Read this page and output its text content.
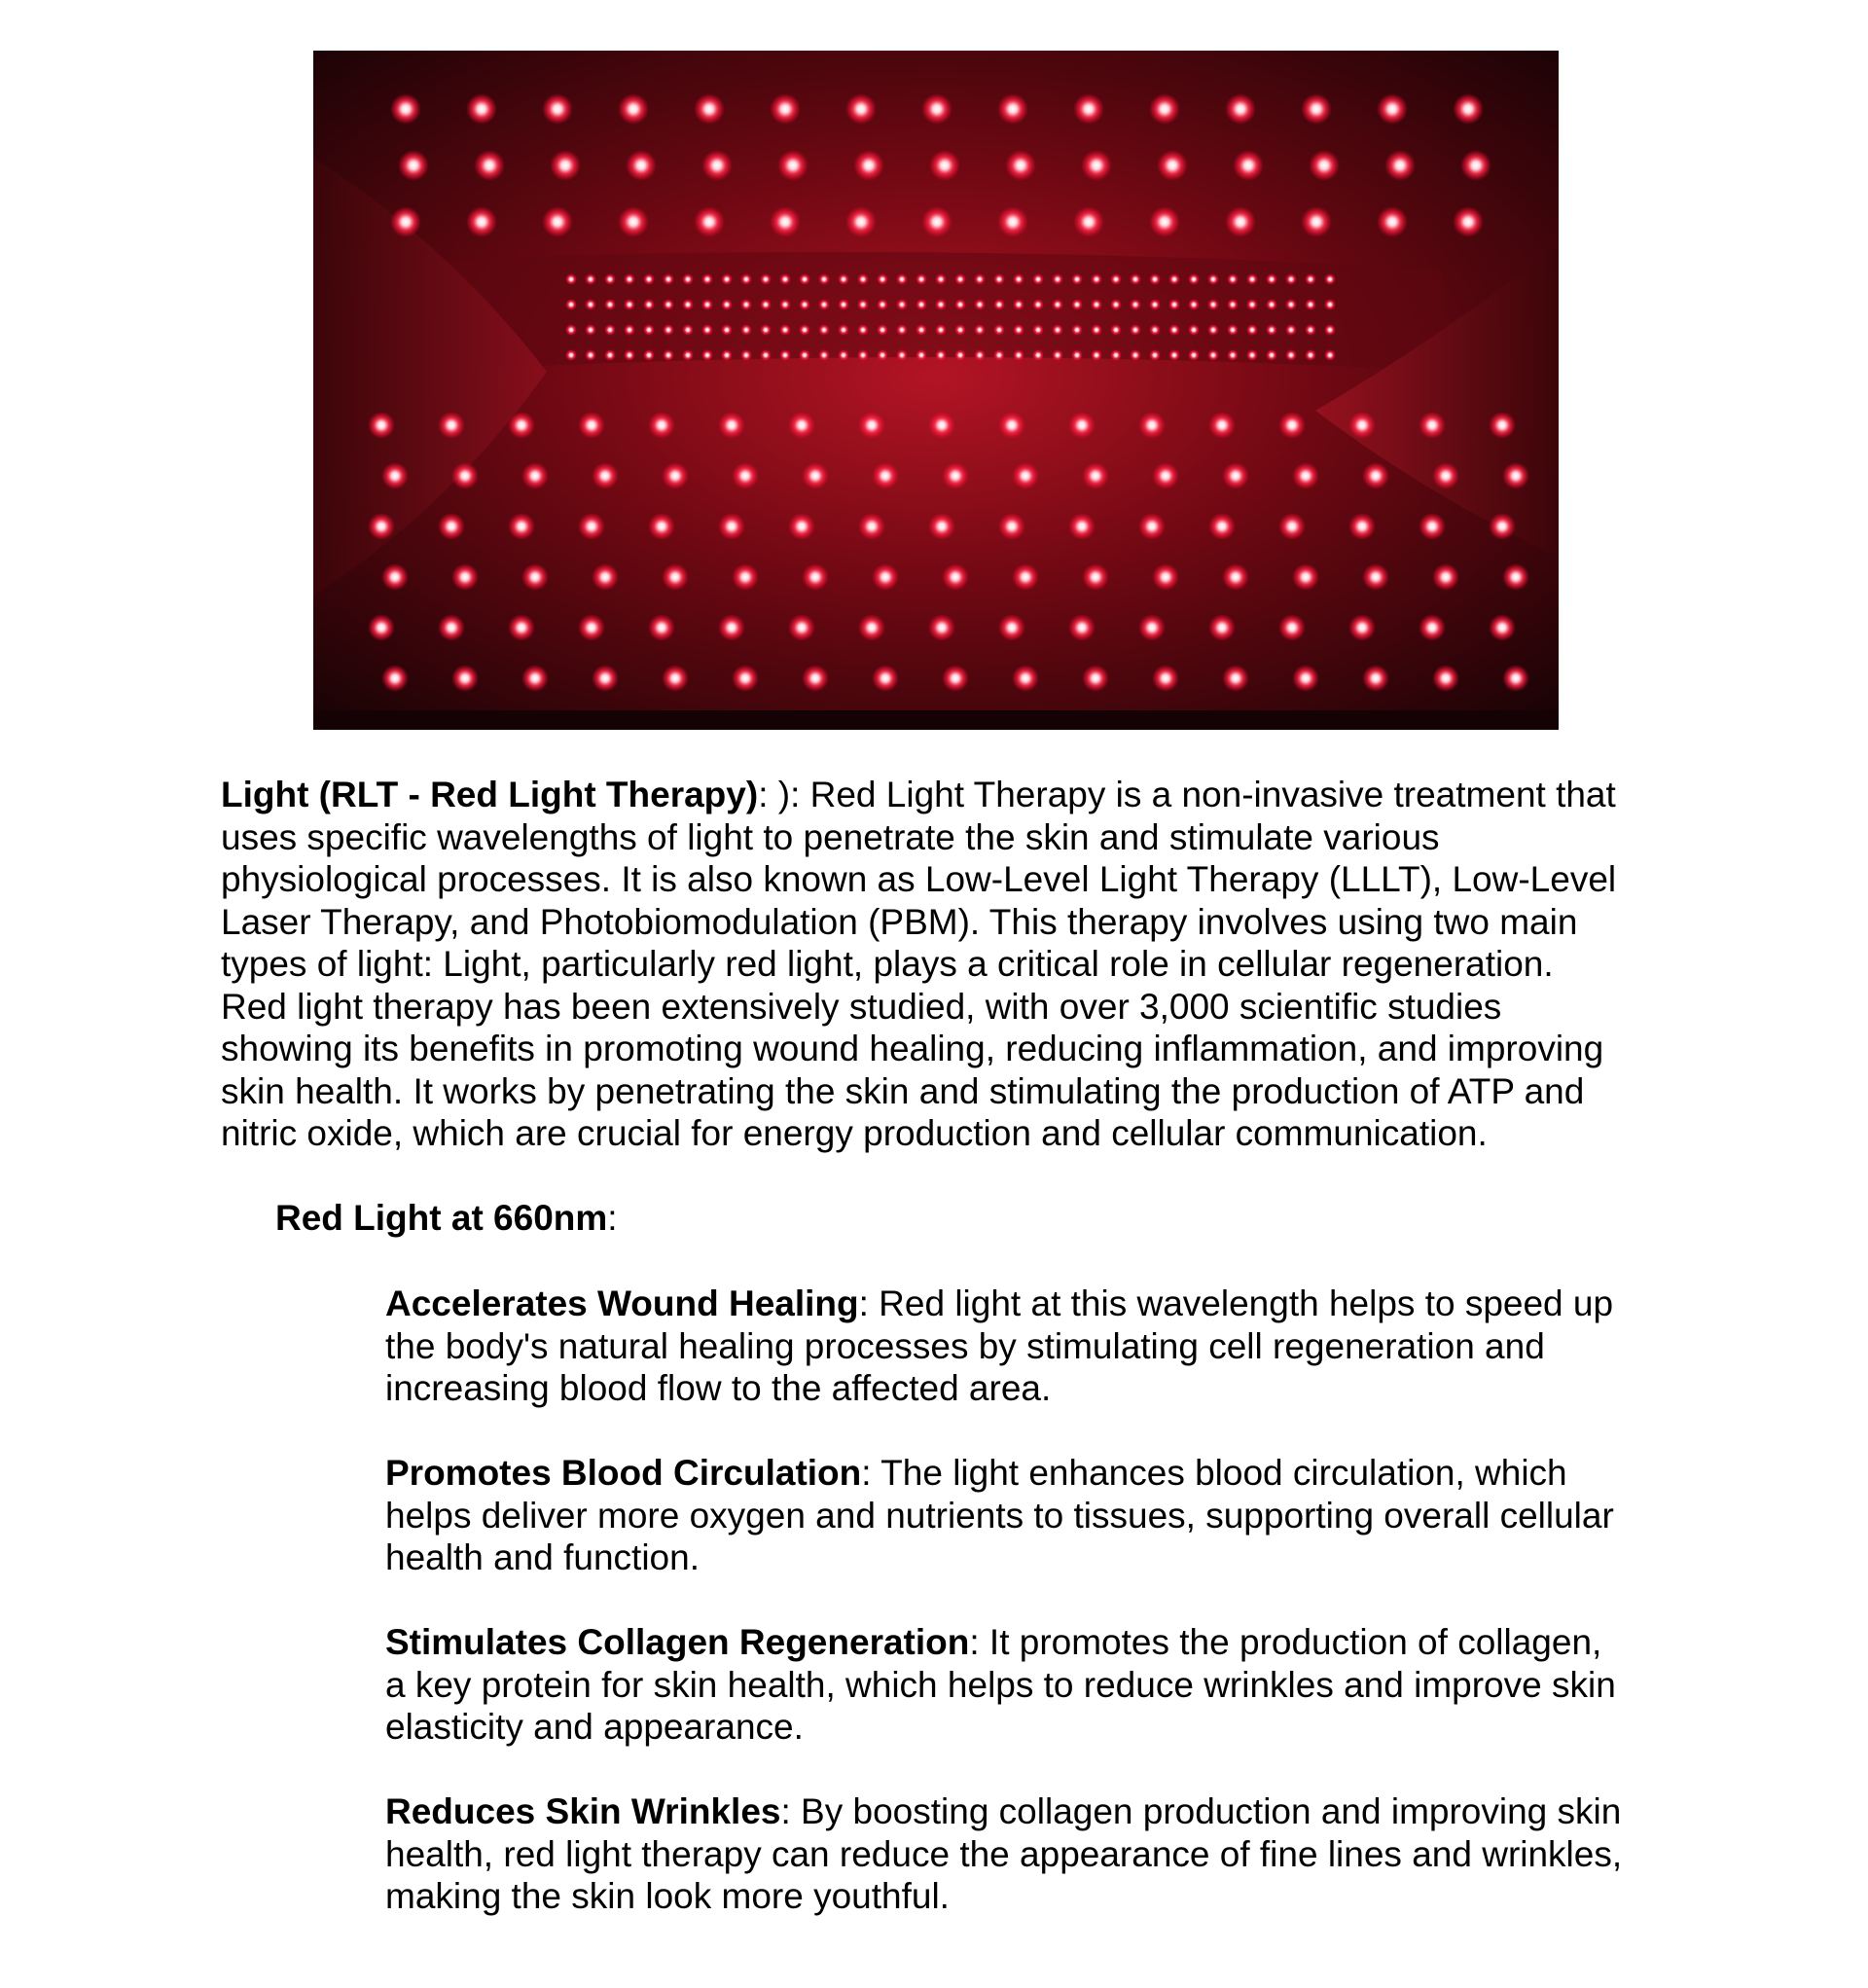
Light (RLT - Red Light Therapy): ): Red Light Therapy is a non-invasive treatment that
uses specific wavelengths of light to penetrate the skin and stimulate various
physiological processes. It is also known as Low-Level Light Therapy (LLLT), Low-Level
Laser Therapy, and Photobiomodulation (PBM). This therapy involves using two main
types of light: Light, particularly red light, plays a critical role in cellular regeneration.
Red light therapy has been extensively studied, with over 3,000 scientific studies
showing its benefits in promoting wound healing, reducing inflammation, and improving
skin health. It works by penetrating the skin and stimulating the production of ATP and
nitric oxide, which are crucial for energy production and cellular communication.
Red Light at 660nm:
Accelerates Wound Healing: Red light at this wavelength helps to speed up
the body's natural healing processes by stimulating cell regeneration and
increasing blood flow to the affected area.
Promotes Blood Circulation: The light enhances blood circulation, which
helps deliver more oxygen and nutrients to tissues, supporting overall cellular
health and function.
Stimulates Collagen Regeneration: It promotes the production of collagen,
a key protein for skin health, which helps to reduce wrinkles and improve skin
elasticity and appearance.
Reduces Skin Wrinkles: By boosting collagen production and improving skin
health, red light therapy can reduce the appearance of fine lines and wrinkles,
making the skin look more youthful.
